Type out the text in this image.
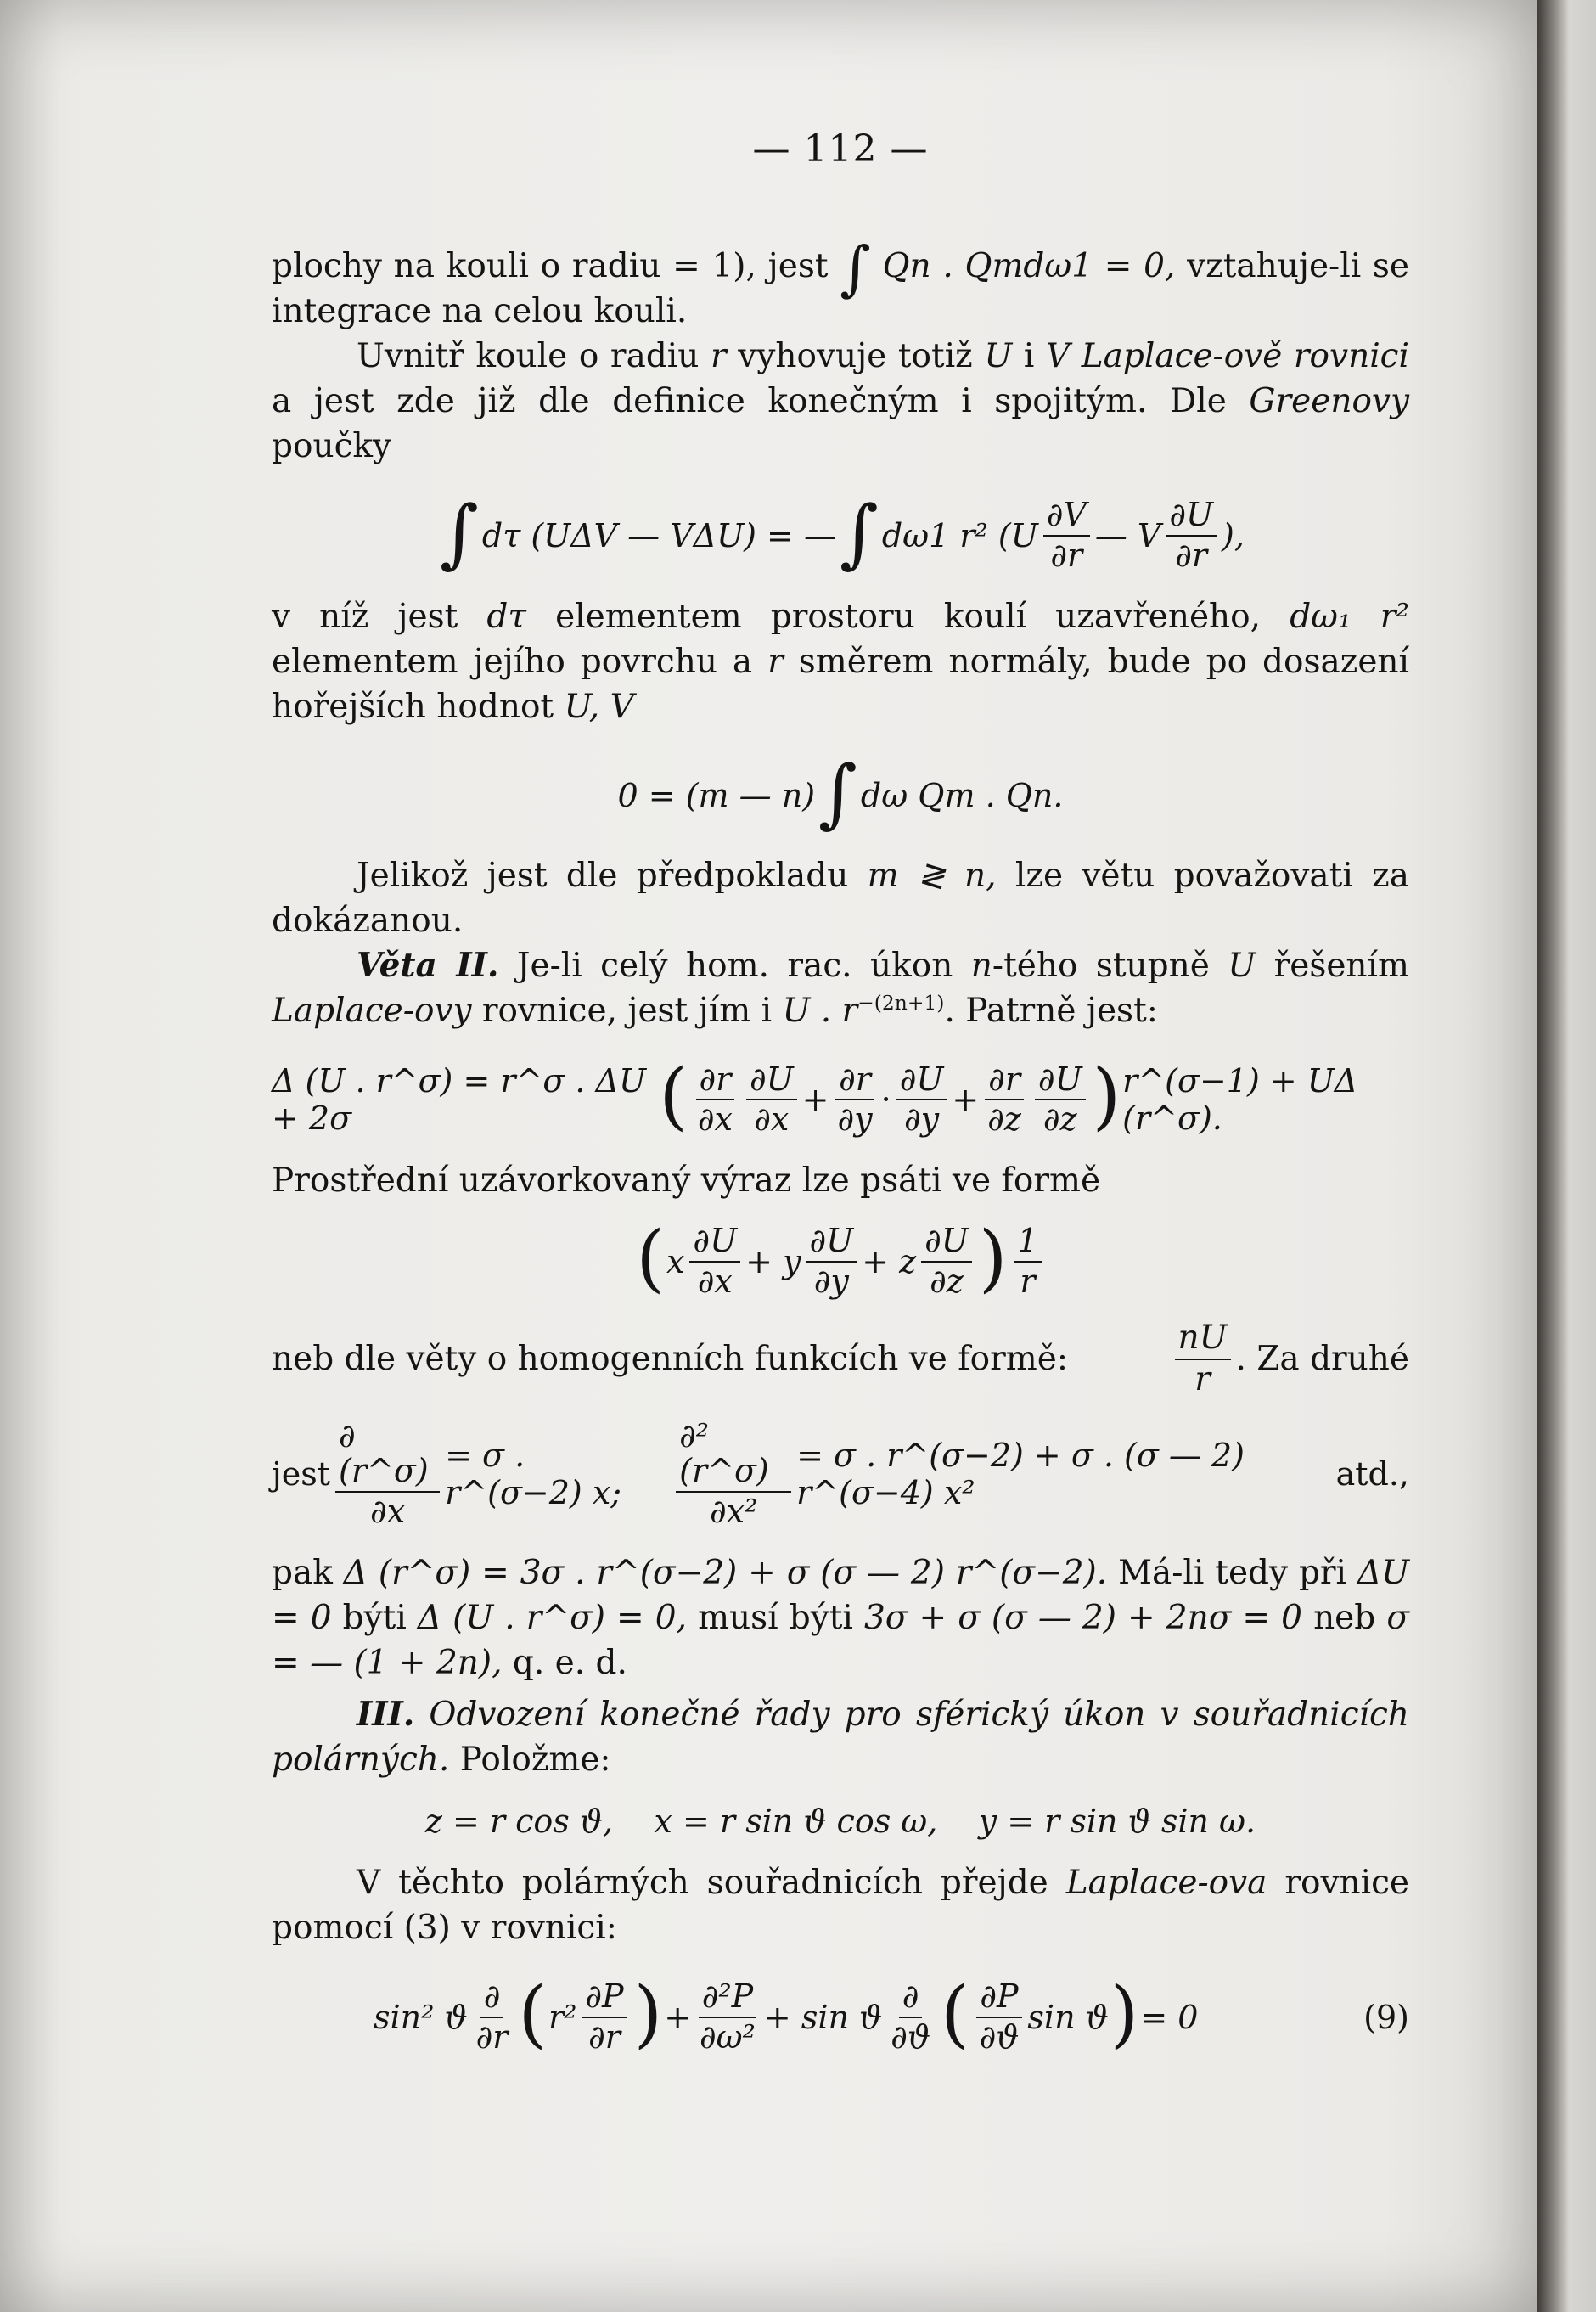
— 112 —

plochy na kouli o radiu = 1), jest ∫ Qn . Qmdω1 = 0, vztahuje-li se integrace na celou kouli.

Uvnitř koule o radiu r vyhovuje totiž U i V Laplace-ově rovnici a jest zde již dle definice konečným i spojitým. Dle Greenovy poučky

∫ dτ (UΔV — VΔU) = — ∫ dω1 r² ($U \frac{\partial V}{\partial r}$ — V $\frac{\partial U}{\partial r}$ ),

v níž jest dτ elementem prostoru koulí uzavřeného, dω₁ r² elementem jejího povrchu a r směrem normály, bude po dosazení hořejších hodnot U, V

0 = (m — n) ∫ dω Qm . Qn.

Jelikož jest dle předpokladu m ≷ n, lze větu považovati za dokázanou.

Věta II. Je-li celý hom. rac. úkon n-tého stupně U řešením Laplace-ovy rovnice, jest jím i U . $r^{-(2n+1)}$. Patrně jest:

Δ (U . r^σ) = r^σ . ΔU + 2σ	( $\frac{\partial r}{\partial x} \frac{\partial U}{\partial x} + \frac{\partial r}{\partial y} \cdot \frac{\partial U}{\partial y} + \frac{\partial r}{\partial z} \frac{\partial U}{\partial z}$ ) r^(σ−1) + UΔ (r^σ).

Prostřední uzávorkovaný výraz lze psáti ve formě

( x $\frac{\partial U}{\partial x} + y \frac{\partial U}{\partial y} + z \frac{\partial U}{\partial z}$ ) $\frac{1}{r}$

neb dle věty o homogenních funkcích ve formě:	$\frac{nU}{r}$ . Za druhé

jest $\frac{\partial (r\^{}\sigma)}{\partial x} = \sigma$ . r^(σ−2) x;	$\frac{\text{∂² (r\textasciicircum{}σ)}}{\text{∂x²}} = \sigma$ . r^(σ−2) + σ . (σ — 2) r^(σ−4) x²	atd.,

pak Δ (r^σ) = 3σ . r^(σ−2) + σ (σ — 2) r^(σ−2). Má-li tedy při ΔU = 0 býti Δ (U . r^σ) = 0, musí býti 3σ + σ (σ — 2) + 2nσ = 0 neb σ = — (1 + 2n), q. e. d.

III. Odvození konečné řady pro sférický úkon v souřadnicích polárných. Položme:

z = r cos ϑ,    x = r sin ϑ cos ω,    y = r sin ϑ sin ω.

V těchto polárných souřadnicích přejde Laplace-ova rovnice pomocí (3) v rovnici:

sin² ϑ $\frac{\partial}{\partial r}$ ( $r^2 \frac{\partial P}{\partial r}$ ) + $\frac{\text{∂²P}}{\text{∂ω²}} + \sin ϑ \frac{\partial}{\partial ϑ}$ ( $\frac{\partial P}{\partial ϑ}$ sin ϑ ) = 0	(9)
